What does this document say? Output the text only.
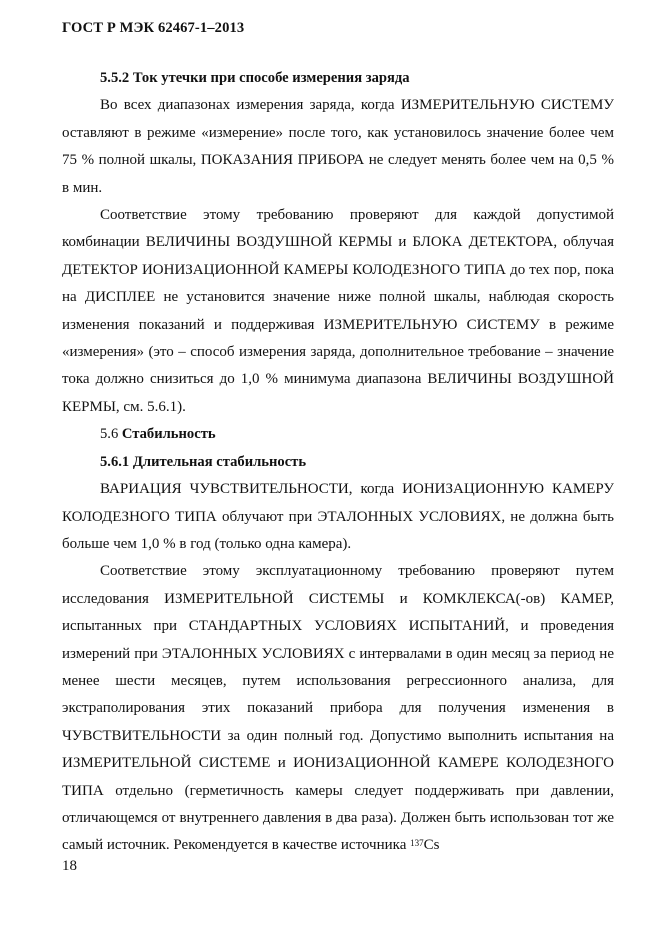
ГОСТ Р МЭК 62467-1–2013

5.5.2 Ток утечки при способе измерения заряда

Во всех диапазонах измерения заряда, когда ИЗМЕРИТЕЛЬНУЮ СИСТЕМУ оставляют в режиме «измерение» после того, как установилось значение более чем 75 % полной шкалы, ПОКАЗАНИЯ ПРИБОРА не следует менять более чем на 0,5 % в мин.

Соответствие этому требованию проверяют для каждой допустимой комбинации ВЕЛИЧИНЫ ВОЗДУШНОЙ КЕРМЫ и БЛОКА ДЕТЕКТОРА, облучая ДЕТЕКТОР ИОНИЗАЦИОННОЙ КАМЕРЫ КОЛОДЕЗНОГО ТИПА до тех пор, пока на ДИСПЛЕЕ не установится значение ниже полной шкалы, наблюдая скорость изменения показаний и поддерживая ИЗМЕРИТЕЛЬНУЮ СИСТЕМУ в режиме «измерения» (это – способ измерения заряда, дополнительное требование – значение тока должно снизиться до 1,0 % минимума диапазона ВЕЛИЧИНЫ ВОЗДУШНОЙ КЕРМЫ, см. 5.6.1).

5.6 Стабильность

5.6.1 Длительная стабильность

ВАРИАЦИЯ ЧУВСТВИТЕЛЬНОСТИ, когда ИОНИЗАЦИОННУЮ КАМЕРУ КОЛОДЕЗНОГО ТИПА облучают при ЭТАЛОННЫХ УСЛОВИЯХ, не должна быть больше чем 1,0 % в год (только одна камера).

Соответствие этому эксплуатационному требованию проверяют путем исследования ИЗМЕРИТЕЛЬНОЙ СИСТЕМЫ и КОМКЛЕКСА(-ов) КАМЕР, испытанных при СТАНДАРТНЫХ УСЛОВИЯХ ИСПЫТАНИЙ, и проведения измерений при ЭТАЛОННЫХ УСЛОВИЯХ с интервалами в один месяц за период не менее шести месяцев, путем использования регрессионного анализа, для экстраполирования этих показаний прибора для получения изменения в ЧУВСТВИТЕЛЬНОСТИ за один полный год. Допустимо выполнить испытания на ИЗМЕРИТЕЛЬНОЙ СИСТЕМЕ и ИОНИЗАЦИОННОЙ КАМЕРЕ КОЛОДЕЗНОГО ТИПА отдельно (герметичность камеры следует поддерживать при давлении, отличающемся от внутреннего давления в два раза). Должен быть использован тот же самый источник. Рекомендуется в качестве источника $^{137}$Cs

18
